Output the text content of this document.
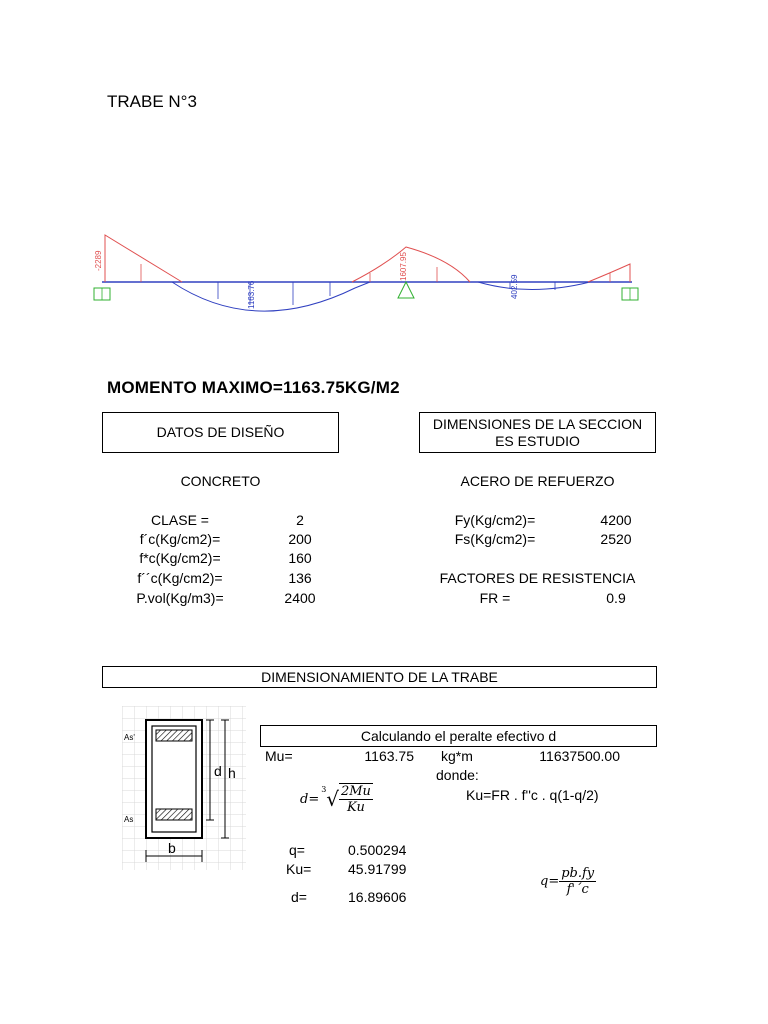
TRABE N°3
-2289
1163.76
1607.95
402.59
MOMENTO MAXIMO=1163.75KG/M2
DATOS DE DISEÑO
DIMENSIONES DE LA SECCION ES ESTUDIO
CONCRETO
CLASE =	2
f´c(Kg/cm2)=	200
f*c(Kg/cm2)=	160
f´´c(Kg/cm2)=	136
P.vol(Kg/m3)=	2400
ACERO DE REFUERZO
Fy(Kg/cm2)=	4200
Fs(Kg/cm2)=	2520
FACTORES DE RESISTENCIA
FR =	0.9
DIMENSIONAMIENTO DE LA TRABE
As'
As
d h
b
Calculando el peralte efectivo d
Mu=	1163.75 kg*m	11637500.00
donde:
Ku=FR . f''c . q(1-q/2)
d=
3 √ $\frac{2Mu}{Ku}$
q=	0.500294
Ku=	45.91799
d=	16.89606
$q= \frac{pb.fy}{f'´c}$
